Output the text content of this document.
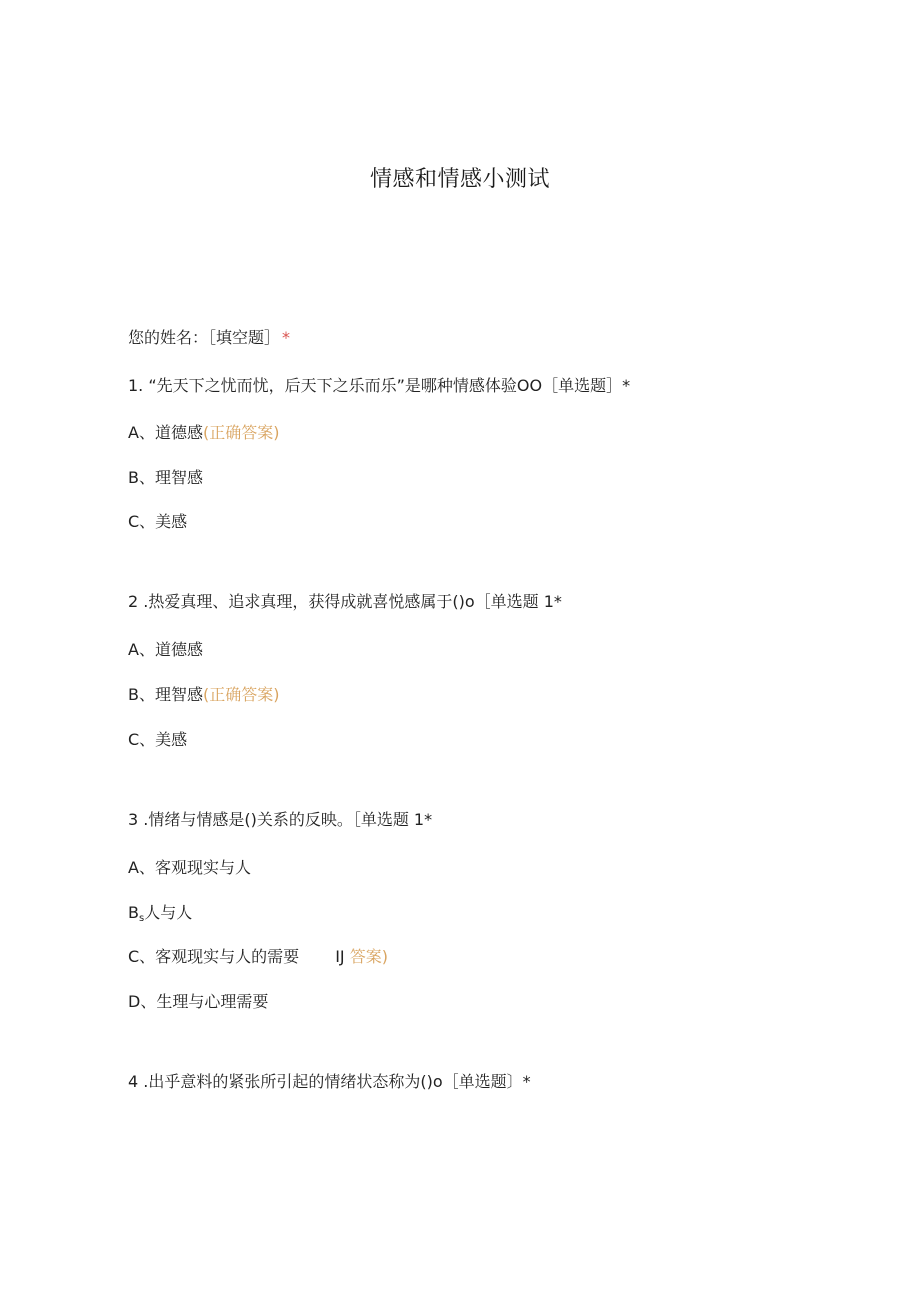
情感和情感小测试
您的姓名：［填空题］ *
1. “先天下之忧而忧，后天下之乐而乐”是哪种情感体验OO［单选题］*
A、道德感(正确答案)
B、理智感
C、美感
2 .热爱真理、追求真理，获得成就喜悦感属于()o［单选题 1*
A、道德感
B、理智感(正确答案)
C、美感
3 .情绪与情感是()关系的反映。［单选题 1*
A、客观现实与人
$B_s$人与人
C、客观现实与人的需要 IJ 答案)
D、生理与心理需要
4 .出乎意料的紧张所引起的情绪状态称为()o［单选题〕*
